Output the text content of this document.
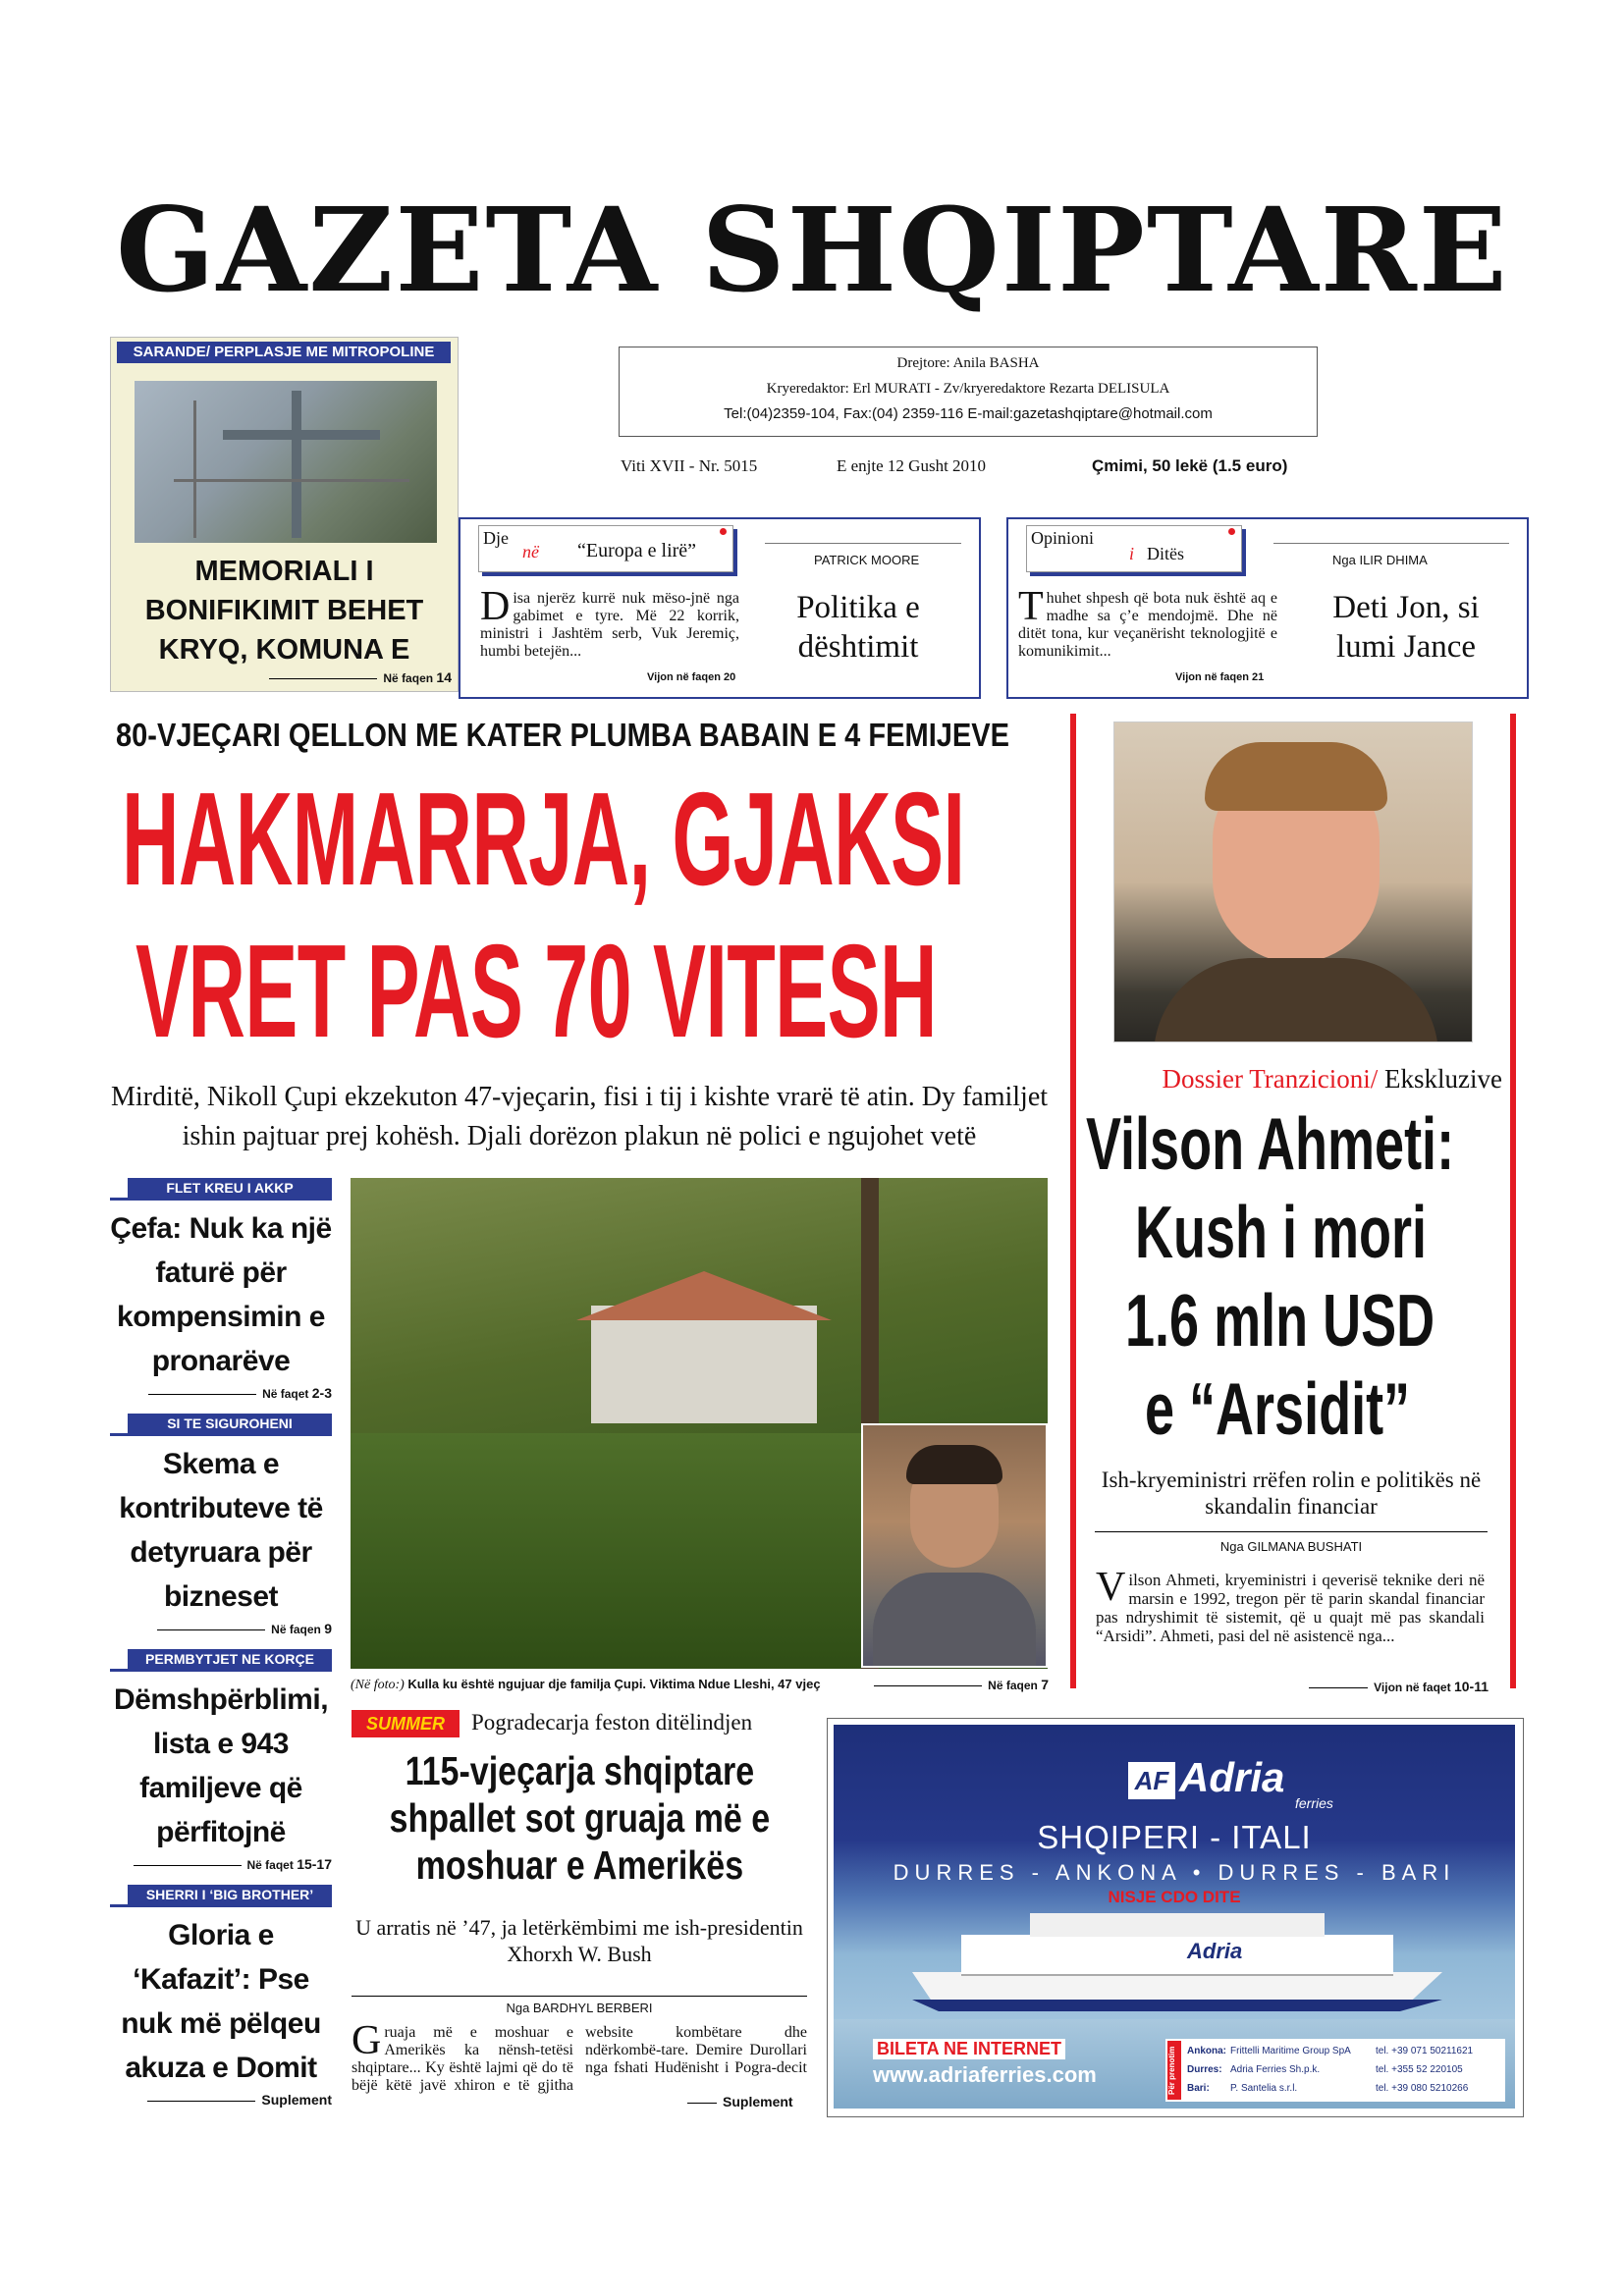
GAZETA SHQIPTARE
SARANDE/ PERPLASJE ME MITROPOLINE
MEMORIALI I BONIFIKIMIT BEHET KRYQ, KOMUNA E
Në faqen 14
Drejtore: Anila BASHA
Kryeredaktor: Erl MURATI - Zv/kryeredaktore Rezarta DELISULA
Tel:(04)2359-104, Fax:(04) 2359-116 E-mail:gazetashqiptare@hotmail.com
Viti XVII - Nr. 5015	E enjte 12 Gusht 2010	Çmimi, 50 lekë (1.5 euro)
Dje
në “Europa e lirë”	PATRICK MOORE
Disa njerëz kurrë nuk mëso-jnë nga gabimet e tyre. Më 22 korrik, ministri i Jashtëm serb, Vuk Jeremiç, humbi betejën...
Vijon në faqen 20
Politika e dështimit
Opinioni
i Ditës	Nga ILIR DHIMA
Thuhet shpesh që bota nuk është aq e madhe sa ç’e mendojmë. Dhe në ditët tona, kur veçanërisht teknologjitë e komunikimit...
Vijon në faqen 21
Deti Jon, si lumi Jance
80-VJEÇARI QELLON ME KATER PLUMBA BABAIN E 4 FEMIJEVE
HAKMARRJA, GJAKSI
VRET PAS 70 VITESH
Mirditë, Nikoll Çupi ekzekuton 47-vjeçarin, fisi i tij i kishte vrarë të atin. Dy familjet ishin pajtuar prej kohësh. Djali dorëzon plakun në polici e ngujohet vetë
(Në foto:) Kulla ku është ngujuar dje familja Çupi. Viktima Ndue Lleshi, 47 vjeç	Në faqen 7
FLET KREU I AKKP
Çefa: Nuk ka një faturë për kompensimin e pronarëve
Në faqet 2-3
SI TE SIGUROHENI
Skema e kontributeve të detyruara për bizneset
Në faqen 9
PERMBYTJET NE KORÇE
Dëmshpërblimi, lista e 943 familjeve që përfitojnë
Në faqet 15-17
SHERRI I ‘BIG BROTHER’
Gloria e ‘Kafazit’: Pse nuk më pëlqeu akuza e Domit
Suplement
Dossier Tranzicioni/ Ekskluzive
Vilson Ahmeti:
Kush i mori
1.6 mln USD
e “Arsidit”
Ish-kryeministri rrëfen rolin e politikës në skandalin financiar
Nga GILMANA BUSHATI
Vilson Ahmeti, kryeministri i qeverisë teknike deri në marsin e 1992, tregon për të parin skandal financiar pas ndryshimit të sistemit, që u quajt më pas skandali “Arsidi”. Ahmeti, pasi del në asistencë nga...
Vijon në faqet 10-11
SUMMER	Pogradecarja feston ditëlindjen
115-vjeçarja shqiptare shpallet sot gruaja më e moshuar e Amerikës
U arratis në ’47, ja letërkëmbimi me ish-presidentin Xhorxh W. Bush
Nga BARDHYL BERBERI
Gruaja më e moshuar e Amerikës ka nënsh-tetësi shqiptare... Ky është lajmi që do të bëjë këtë javë xhiron e të gjitha website kombëtare dhe ndërkombë-tare. Demire Durollari nga fshati Hudënisht i Pogra-decit
Suplement
AF Adria
ferries
SHQIPERI - ITALI
DURRES - ANKONA • DURRES - BARI
NISJE CDO DITE
Adria
BILETA NE INTERNET
www.adriaferries.com	Për prenotim	Ankona: Frittelli Maritime Group SpA	tel. +39 071 50211621
Durres: Adria Ferries Sh.p.k.	tel. +355 52 220105
Bari: P. Santelia s.r.l.	tel. +39 080 5210266
